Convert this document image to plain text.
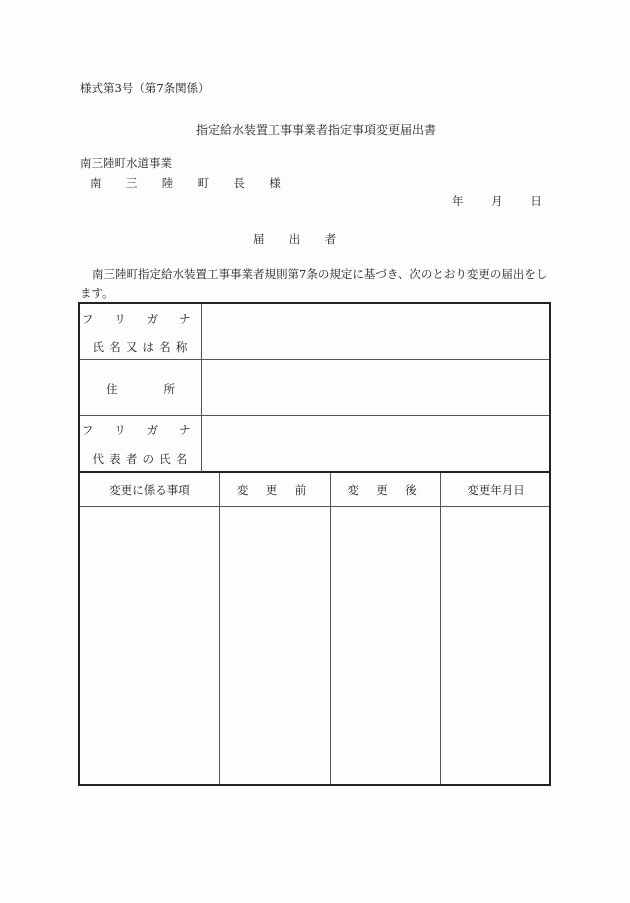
様式第3号（第7条関係）
指定給水装置工事事業者指定事項変更届出書
南三陸町水道事業
南 三 陸 町 長 様
年 月 日
届 出 者
南三陸町指定給水装置工事事業者規則第7条の規定に基づき、次のとおり変更の届出をし
ます。
フ リ ガ ナ
氏名又は名称
住　　　　所
フ リ ガ ナ
代表者の氏名
変更に係る事項	変 更 前	変 更 後	変更年月日
